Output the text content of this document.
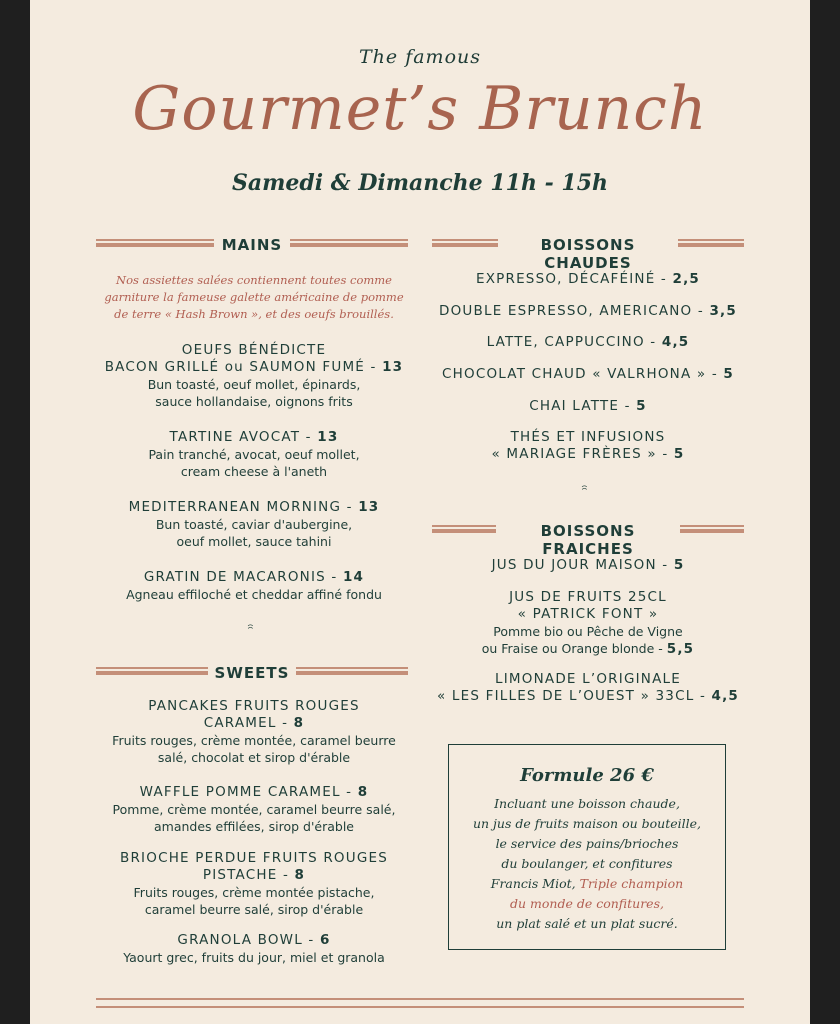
The famous
Gourmet’s Brunch
Samedi & Dimanche 11h - 15h
MAINS
Nos assiettes salées contiennent toutes comme
garniture la fameuse galette américaine de pomme
de terre « Hash Brown », et des oeufs brouillés.
OEUFS BÉNÉDICTE
BACON GRILLÉ ou SAUMON FUMÉ - 13
Bun toasté, oeuf mollet, épinards,
sauce hollandaise, oignons frits
TARTINE AVOCAT - 13
Pain tranché, avocat, oeuf mollet,
cream cheese à l'aneth
MEDITERRANEAN MORNING - 13
Bun toasté, caviar d'aubergine,
oeuf mollet, sauce tahini
GRATIN DE MACARONIS - 14
Agneau effiloché et cheddar affiné fondu
SWEETS
PANCAKES FRUITS ROUGES
CARAMEL - 8
Fruits rouges, crème montée, caramel beurre
salé, chocolat et sirop d'érable
WAFFLE POMME CARAMEL - 8
Pomme, crème montée, caramel beurre salé,
amandes effilées, sirop d'érable
BRIOCHE PERDUE FRUITS ROUGES
PISTACHE - 8
Fruits rouges, crème montée pistache,
caramel beurre salé, sirop d'érable
GRANOLA BOWL - 6
Yaourt grec, fruits du jour, miel et granola
BOISSONS CHAUDES
EXPRESSO, DÉCAFÉINÉ - 2,5
DOUBLE ESPRESSO, AMERICANO - 3,5
LATTE, CAPPUCCINO - 4,5
CHOCOLAT CHAUD « VALRHONA » - 5
CHAI LATTE - 5
THÉS ET INFUSIONS
« MARIAGE FRÈRES » - 5
BOISSONS FRAICHES
JUS DU JOUR MAISON - 5
JUS DE FRUITS 25CL
« PATRICK FONT »
Pomme bio ou Pêche de Vigne
ou Fraise ou Orange blonde - 5,5
LIMONADE L’ORIGINALE
« LES FILLES DE L’OUEST » 33CL - 4,5
Formule 26 €
Incluant une boisson chaude,
un jus de fruits maison ou bouteille,
le service des pains/brioches
du boulanger, et confitures
Francis Miot, Triple champion
du monde de confitures,
un plat salé et un plat sucré.
